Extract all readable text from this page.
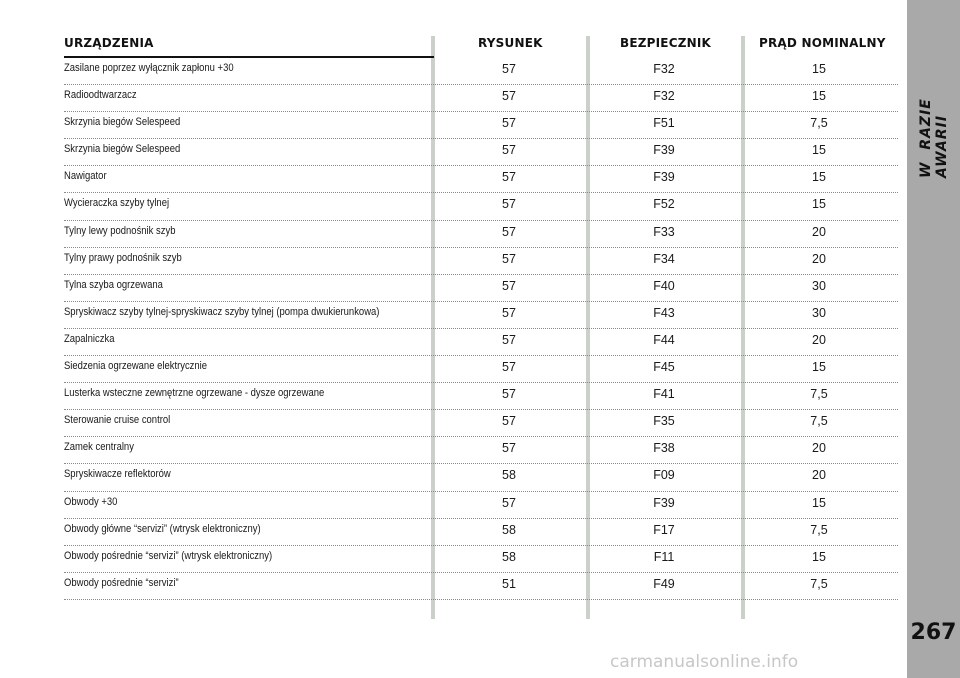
W RAZIE AWARII
267
URZĄDZENIA	RYSUNEK	BEZPIECZNIK	PRĄD NOMINALNY
Zasilane poprzez wyłącznik zapłonu +30	57	F32	15
Radioodtwarzacz	57	F32	15
Skrzynia biegów Selespeed	57	F51	7,5
Skrzynia biegów Selespeed	57	F39	15
Nawigator	57	F39	15
Wycieraczka szyby tylnej	57	F52	15
Tylny lewy podnośnik szyb	57	F33	20
Tylny prawy podnośnik szyb	57	F34	20
Tylna szyba ogrzewana	57	F40	30
Spryskiwacz szyby tylnej-spryskiwacz szyby tylnej (pompa dwukierunkowa)	57	F43	30
Zapalniczka	57	F44	20
Siedzenia ogrzewane elektrycznie	57	F45	15
Lusterka wsteczne zewnętrzne ogrzewane - dysze ogrzewane	57	F41	7,5
Sterowanie cruise control	57	F35	7,5
Zamek centralny	57	F38	20
Spryskiwacze reflektorów	58	F09	20
Obwody +30	57	F39	15
Obwody główne “servizi” (wtrysk elektroniczny)	58	F17	7,5
Obwody pośrednie “servizi” (wtrysk elektroniczny)	58	F11	15
Obwody pośrednie “servizi”	51	F49	7,5
carmanualsonline.info
